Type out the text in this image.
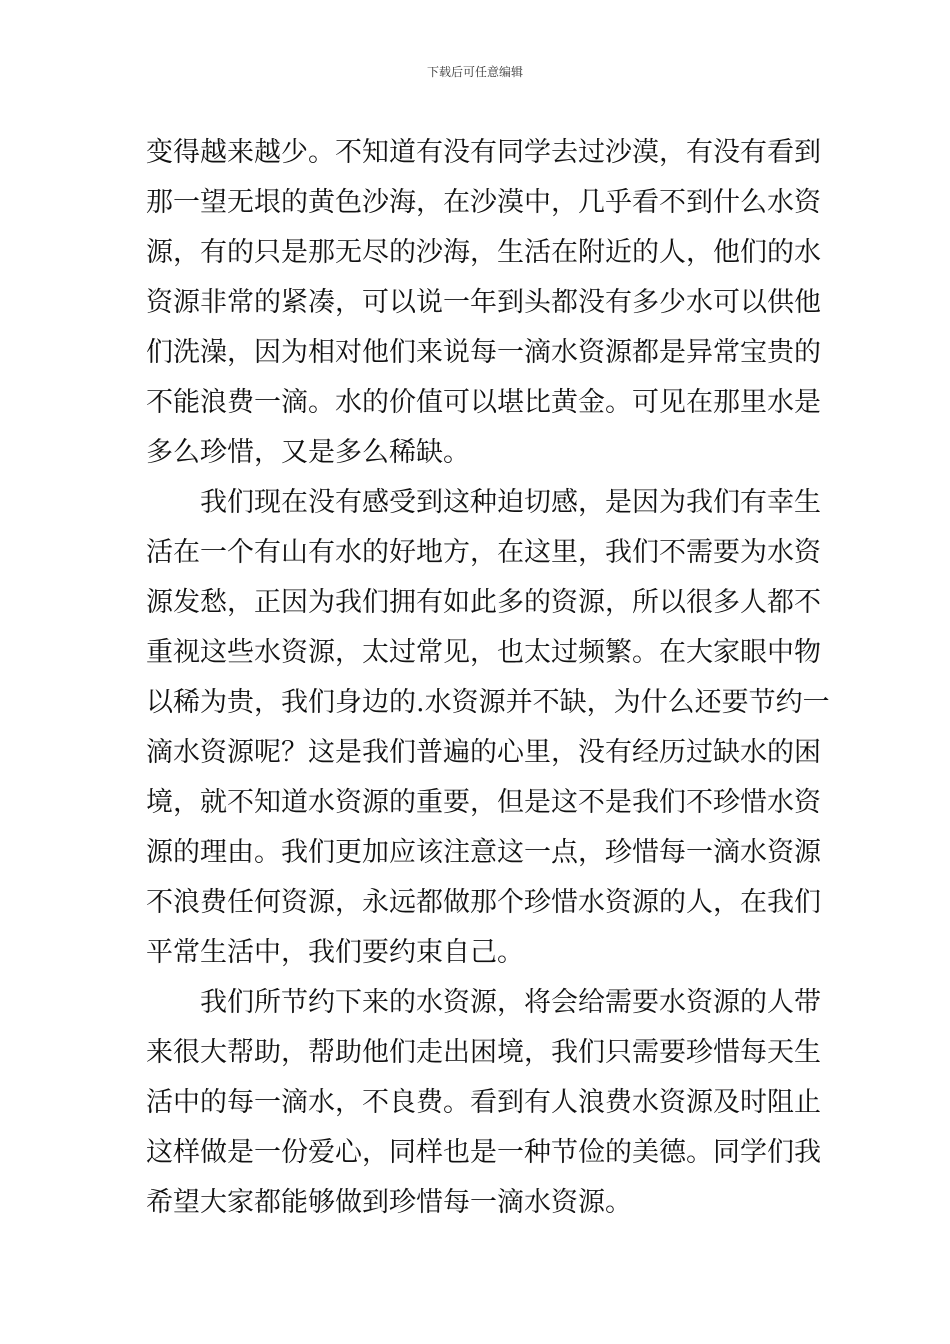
下载后可任意编辑
变得越来越少。不知道有没有同学去过沙漠，有没有看到
那一望无垠的黄色沙海，在沙漠中，几乎看不到什么水资
源，有的只是那无尽的沙海，生活在附近的人，他们的水
资源非常的紧凑，可以说一年到头都没有多少水可以供他
们洗澡，因为相对他们来说每一滴水资源都是异常宝贵的
不能浪费一滴。水的价值可以堪比黄金。可见在那里水是
多么珍惜，又是多么稀缺。
我们现在没有感受到这种迫切感，是因为我们有幸生
活在一个有山有水的好地方，在这里，我们不需要为水资
源发愁，正因为我们拥有如此多的资源，所以很多人都不
重视这些水资源，太过常见，也太过频繁。在大家眼中物
以稀为贵，我们身边的.水资源并不缺，为什么还要节约一
滴水资源呢？这是我们普遍的心里，没有经历过缺水的困
境，就不知道水资源的重要，但是这不是我们不珍惜水资
源的理由。我们更加应该注意这一点，珍惜每一滴水资源
不浪费任何资源，永远都做那个珍惜水资源的人，在我们
平常生活中，我们要约束自己。
我们所节约下来的水资源，将会给需要水资源的人带
来很大帮助，帮助他们走出困境，我们只需要珍惜每天生
活中的每一滴水，不良费。看到有人浪费水资源及时阻止
这样做是一份爱心，同样也是一种节俭的美德。同学们我
希望大家都能够做到珍惜每一滴水资源。
